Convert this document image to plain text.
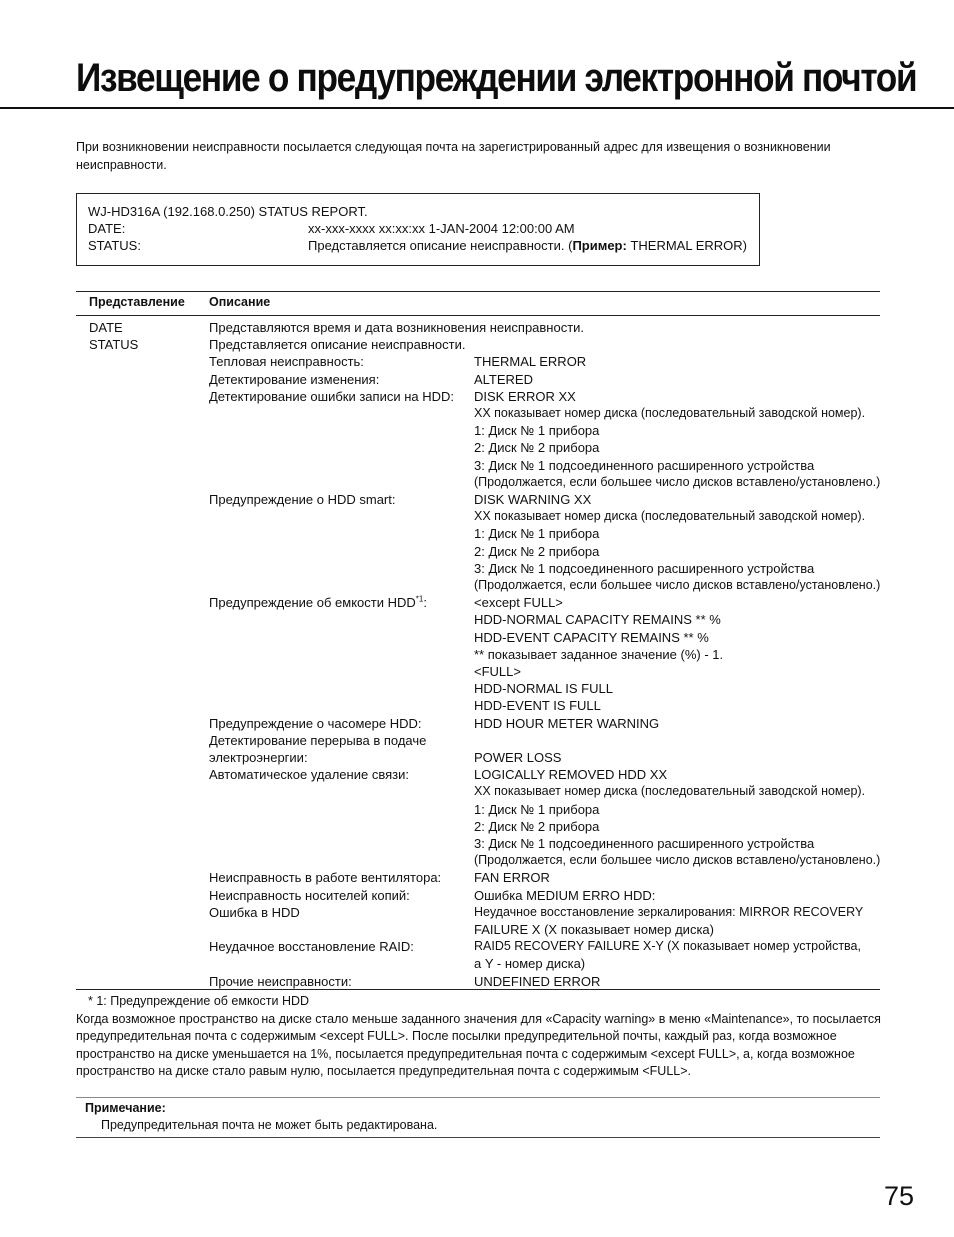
Извещение о предупреждении электронной почтой

При возникновении неисправности посылается следующая почта на зарегистрированный адрес для извещения о возникновении неисправности.

WJ-HD316A (192.168.0.250) STATUS REPORT.
DATE:	xx-xxx-xxxx xx:xx:xx 1-JAN-2004 12:00:00 AM
STATUS:	Представляется описание неисправности. (Пример: THERMAL ERROR)
Представление Описание
DATE	Представляются время и дата возникновения неисправности.
STATUS	Представляется описание неисправности.
Тепловая неисправность:	THERMAL ERROR
Детектирование изменения:	ALTERED
Детектирование ошибки записи на HDD: DISK ERROR XX
XX показывает номер диска (последовательный заводской номер).
1: Диск № 1 прибора
2: Диск № 2 прибора
3: Диск № 1 подсоединенного расширенного устройства
(Продолжается, если большее число дисков вставлено/установлено.)
Предупреждение о HDD smart:	DISK WARNING XX
XX показывает номер диска (последовательный заводской номер).
1: Диск № 1 прибора
2: Диск № 2 прибора
3: Диск № 1 подсоединенного расширенного устройства
(Продолжается, если большее число дисков вставлено/установлено.)
Предупреждение об емкости $HDD^{*1}$:	<except FULL>
HDD-NORMAL CAPACITY REMAINS ** %
HDD-EVENT CAPACITY REMAINS ** %
** показывает заданное значение (%) - 1.
<FULL>
HDD-NORMAL IS FULL
HDD-EVENT IS FULL
Предупреждение о часомере HDD:	HDD HOUR METER WARNING
Детектирование перерыва в подаче
электроэнергии:	POWER LOSS
Автоматическое удаление связи:	LOGICALLY REMOVED HDD XX
XX показывает номер диска (последовательный заводской номер).
1: Диск № 1 прибора
2: Диск № 2 прибора
3: Диск № 1 подсоединенного расширенного устройства
(Продолжается, если большее число дисков вставлено/установлено.)
Неисправность в работе вентилятора:	FAN ERROR
Неисправность носителей копий:	Ошибка MEDIUM ERRO HDD:
Ошибка в HDD	Неудачное восстановление зеркалирования: MIRROR RECOVERY
FAILURE X (X показывает номер диска)
Неудачное восстановление RAID:	RAID5 RECOVERY FAILURE X-Y (X показывает номер устройства,
а Y - номер диска)
Прочие неисправности:	UNDEFINED ERROR
* 1: Предупреждение об емкости HDD

Когда возможное пространство на диске стало меньше заданного значения для «Capacity warning» в меню «Maintenance», то посылается предупредительная почта с содержимым <except FULL>. После посылки предупредительной почты, каждый раз, когда возможное пространство на диске уменьшается на 1%, посылается предупредительная почта с содержимым <except FULL>, а, когда возможное пространство на диске стало равым нулю, посылается предупредительная почта с содержимым <FULL>.

Примечание:
Предупредительная почта не может быть редактирована.
75
